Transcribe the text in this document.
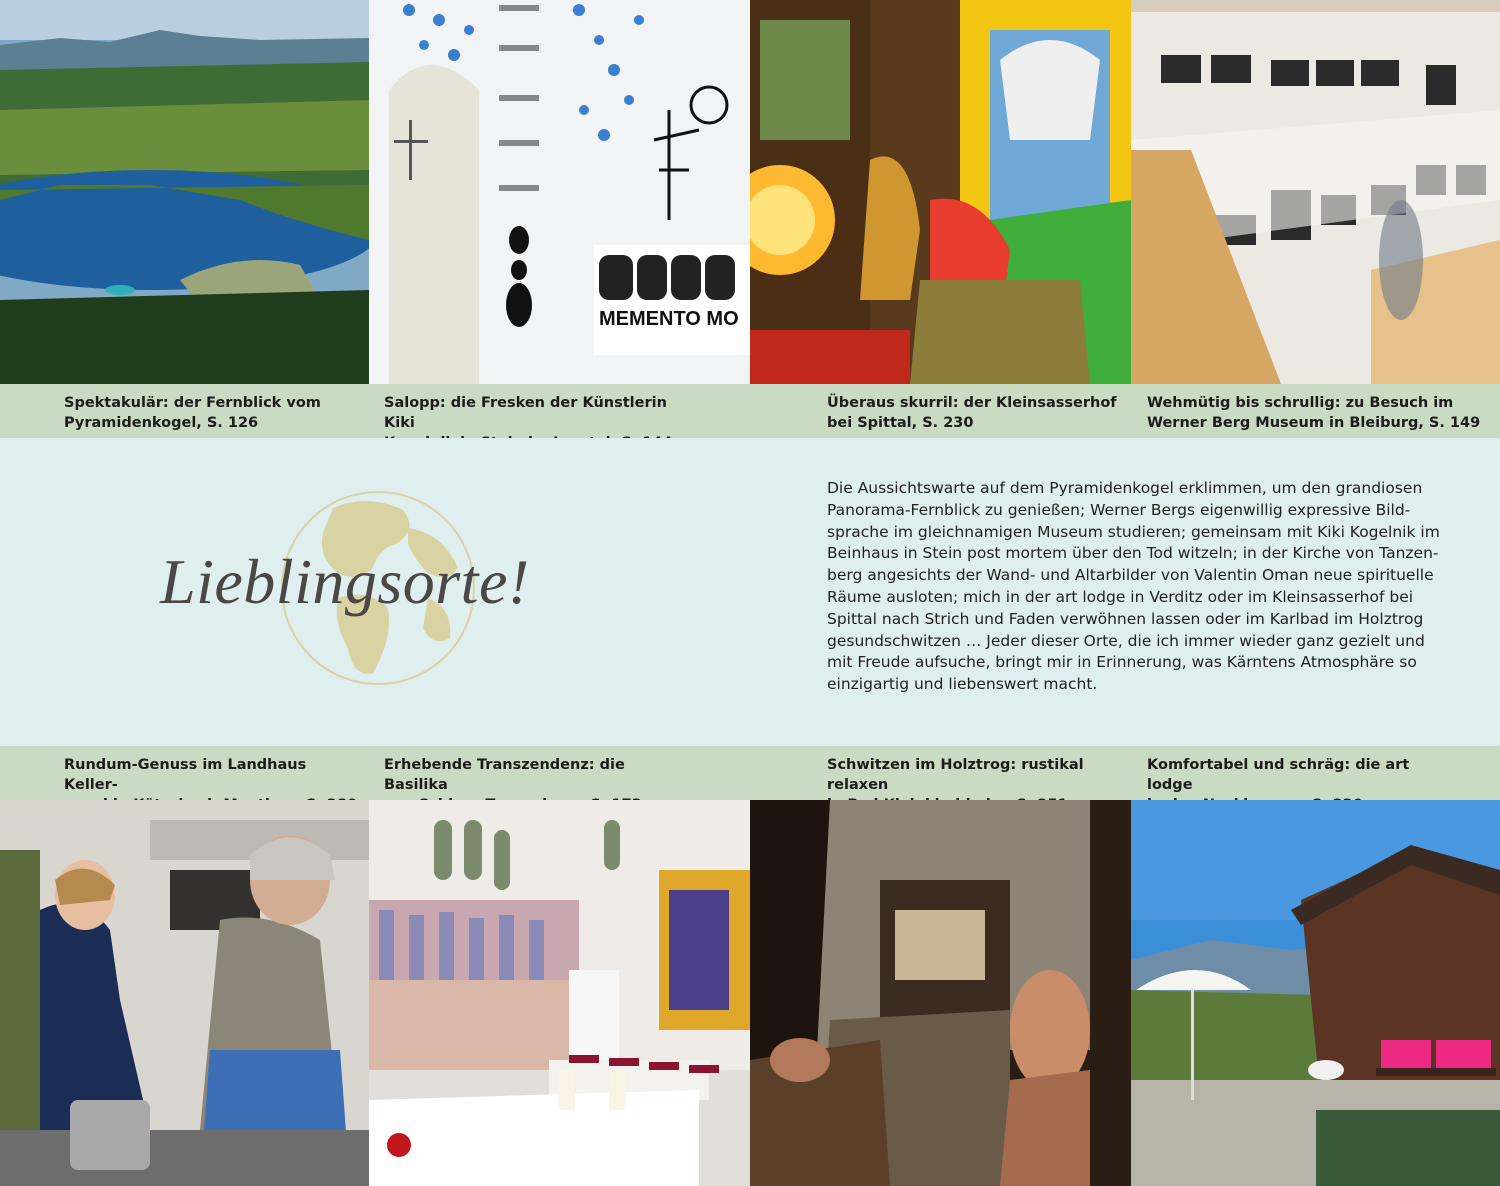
MEMENTO MO
Spektakulär: der Fernblick vom
Pyramidenkogel, S. 126
Salopp: die Fresken der Künstlerin Kiki
Überaus skurril: der Kleinsasserhof
bei Spittal, S. 230
Wehmütig bis schrullig: zu Besuch im
Werner Berg Museum in Bleiburg, S. 149
Lieblingsorte!
Die Aussichtswarte auf dem Pyramidenkogel erklimmen, um den grandiosen
Panorama-Fernblick zu genießen; Werner Bergs eigenwillig expressive Bild-
sprache im gleichnamigen Museum studieren; gemeinsam mit Kiki Kogelnik im
Beinhaus in Stein post mortem über den Tod witzeln; in der Kirche von Tanzen-
berg angesichts der Wand- und Altarbilder von Valentin Oman neue spirituelle
Räume ausloten; mich in der art lodge in Verditz oder im Kleinsasserhof bei
Spittal nach Strich und Faden verwöhnen lassen oder im Karlbad im Holztrog
gesundschwitzen … Jeder dieser Orte, die ich immer wieder ganz gezielt und
mit Freude aufsuche, bringt mir in Erinnerung, was Kärntens Atmosphäre so
einzigartig und liebenswert macht.
Rundum-Genuss im Landhaus Keller-
Erhebende Transzendenz: die Basilika
Schwitzen im Holztrog: rustikal relaxen
Komfortabel und schräg: die art lodge
